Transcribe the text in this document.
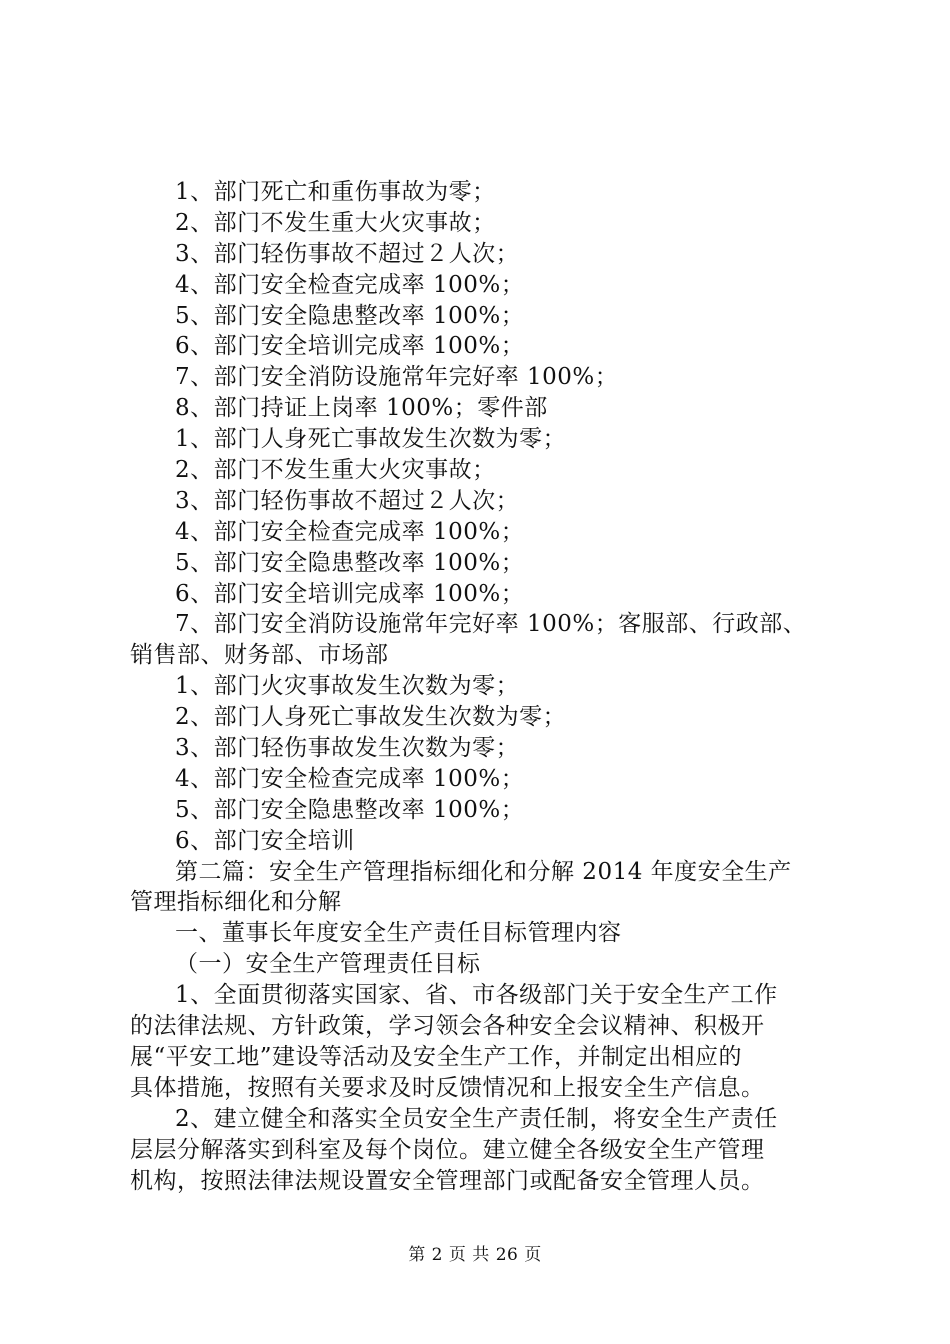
1、部门死亡和重伤事故为零；
2、部门不发生重大火灾事故；
3、部门轻伤事故不超过２人次；
4、部门安全检查完成率 100%；
5、部门安全隐患整改率 100%；
6、部门安全培训完成率 100%；
7、部门安全消防设施常年完好率 100%；
8、部门持证上岗率 100%；零件部
1、部门人身死亡事故发生次数为零；
2、部门不发生重大火灾事故；
3、部门轻伤事故不超过２人次；
4、部门安全检查完成率 100%；
5、部门安全隐患整改率 100%；
6、部门安全培训完成率 100%；
7、部门安全消防设施常年完好率 100%；客服部、行政部、
销售部、财务部、市场部
1、部门火灾事故发生次数为零；
2、部门人身死亡事故发生次数为零；
3、部门轻伤事故发生次数为零；
4、部门安全检查完成率 100%；
5、部门安全隐患整改率 100%；
6、部门安全培训
第二篇：安全生产管理指标细化和分解 2014 年度安全生产
管理指标细化和分解
一、董事长年度安全生产责任目标管理内容
（一）安全生产管理责任目标
1、全面贯彻落实国家、省、市各级部门关于安全生产工作
的法律法规、方针政策，学习领会各种安全会议精神、积极开
展“平安工地”建设等活动及安全生产工作，并制定出相应的
具体措施，按照有关要求及时反馈情况和上报安全生产信息。
2、建立健全和落实全员安全生产责任制，将安全生产责任
层层分解落实到科室及每个岗位。建立健全各级安全生产管理
机构，按照法律法规设置安全管理部门或配备安全管理人员。
第 2 页 共 26 页
